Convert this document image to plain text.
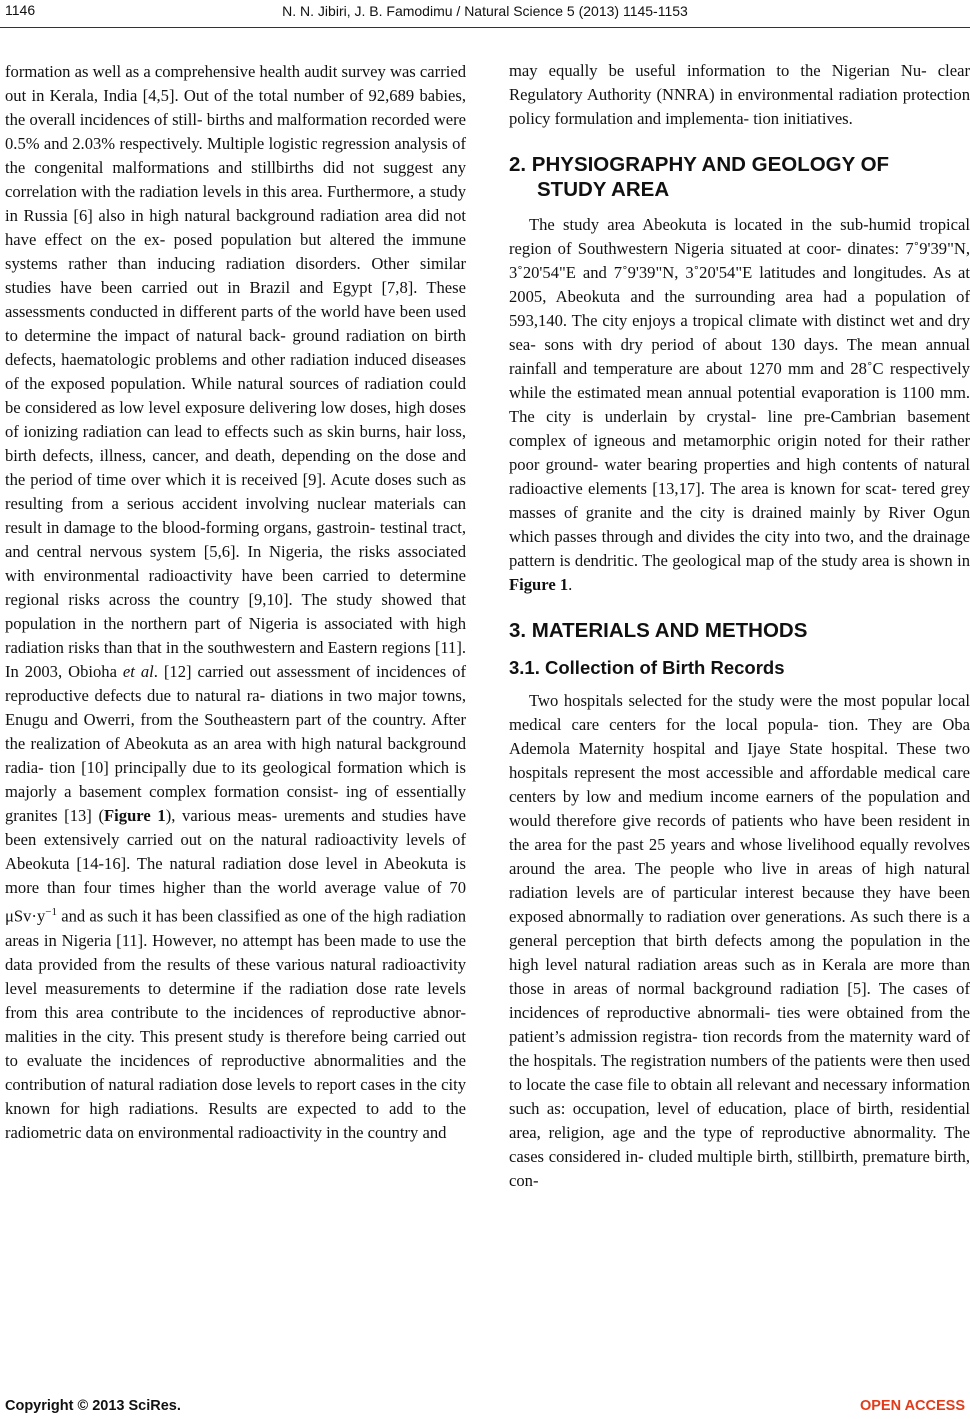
1146	N. N. Jibiri, J. B. Famodimu / Natural Science 5 (2013) 1145-1153

formation as well as a comprehensive health audit survey was carried out in Kerala, India [4,5]. Out of the total number of 92,689 babies, the overall incidences of still- births and malformation recorded were 0.5% and 2.03% respectively. Multiple logistic regression analysis of the congenital malformations and stillbirths did not suggest any correlation with the radiation levels in this area. Furthermore, a study in Russia [6] also in high natural background radiation area did not have effect on the ex- posed population but altered the immune systems rather than inducing radiation disorders. Other similar studies have been carried out in Brazil and Egypt [7,8]. These assessments conducted in different parts of the world have been used to determine the impact of natural back- ground radiation on birth defects, haematologic problems and other radiation induced diseases of the exposed population. While natural sources of radiation could be considered as low level exposure delivering low doses, high doses of ionizing radiation can lead to effects such as skin burns, hair loss, birth defects, illness, cancer, and death, depending on the dose and the period of time over which it is received [9]. Acute doses such as resulting from a serious accident involving nuclear materials can result in damage to the blood-forming organs, gastroin- testinal tract, and central nervous system [5,6]. In Nigeria, the risks associated with environmental radioactivity have been carried to determine regional risks across the country [9,10]. The study showed that population in the northern part of Nigeria is associated with high radiation risks than that in the southwestern and Eastern regions [11]. In 2003, Obioha et al. [12] carried out assessment of incidences of reproductive defects due to natural ra- diations in two major towns, Enugu and Owerri, from the Southeastern part of the country. After the realization of Abeokuta as an area with high natural background radia- tion [10] principally due to its geological formation which is majorly a basement complex formation consist- ing of essentially granites [13] (Figure 1), various meas- urements and studies have been extensively carried out on the natural radioactivity levels of Abeokuta [14-16]. The natural radiation dose level in Abeokuta is more than four times higher than the world average value of 70 $\mu Sv\cdot y^{-1}$ and as such it has been classified as one of the high radiation areas in Nigeria [11]. However, no attempt has been made to use the data provided from the results of these various natural radioactivity level measurements to determine if the radiation dose rate levels from this area contribute to the incidences of reproductive abnor- malities in the city. This present study is therefore being carried out to evaluate the incidences of reproductive abnormalities and the contribution of natural radiation dose levels to report cases in the city known for high radiations. Results are expected to add to the radiometric data on environmental radioactivity in the country and

may equally be useful information to the Nigerian Nu- clear Regulatory Authority (NNRA) in environmental radiation protection policy formulation and implementa- tion initiatives.

2. PHYSIOGRAPHY AND GEOLOGY OF
STUDY AREA

The study area Abeokuta is located in the sub-humid tropical region of Southwestern Nigeria situated at coor- dinates: 7˚9'39"N, 3˚20'54"E and 7˚9'39"N, 3˚20'54"E latitudes and longitudes. As at 2005, Abeokuta and the surrounding area had a population of 593,140. The city enjoys a tropical climate with distinct wet and dry sea- sons with dry period of about 130 days. The mean annual rainfall and temperature are about 1270 mm and 28˚C respectively while the estimated mean annual potential evaporation is 1100 mm. The city is underlain by crystal- line pre-Cambrian basement complex of igneous and metamorphic origin noted for their rather poor ground- water bearing properties and high contents of natural radioactive elements [13,17]. The area is known for scat- tered grey masses of granite and the city is drained mainly by River Ogun which passes through and divides the city into two, and the drainage pattern is dendritic. The geological map of the study area is shown in Figure 1.

3. MATERIALS AND METHODS
3.1. Collection of Birth Records

Two hospitals selected for the study were the most popular local medical care centers for the local popula- tion. They are Oba Ademola Maternity hospital and Ijaye State hospital. These two hospitals represent the most accessible and affordable medical care centers by low and medium income earners of the population and would therefore give records of patients who have been resident in the area for the past 25 years and whose livelihood equally revolves around the area. The people who live in areas of high natural radiation levels are of particular interest because they have been exposed abnormally to radiation over generations. As such there is a general perception that birth defects among the population in the high level natural radiation areas such as in Kerala are more than those in areas of normal background radiation [5]. The cases of incidences of reproductive abnormali- ties were obtained from the patient’s admission registra- tion records from the maternity ward of the hospitals. The registration numbers of the patients were then used to locate the case file to obtain all relevant and necessary information such as: occupation, level of education, place of birth, residential area, religion, age and the type of reproductive abnormality. The cases considered in- cluded multiple birth, stillbirth, premature birth, con-

Copyright © 2013 SciRes.	OPEN ACCESS
